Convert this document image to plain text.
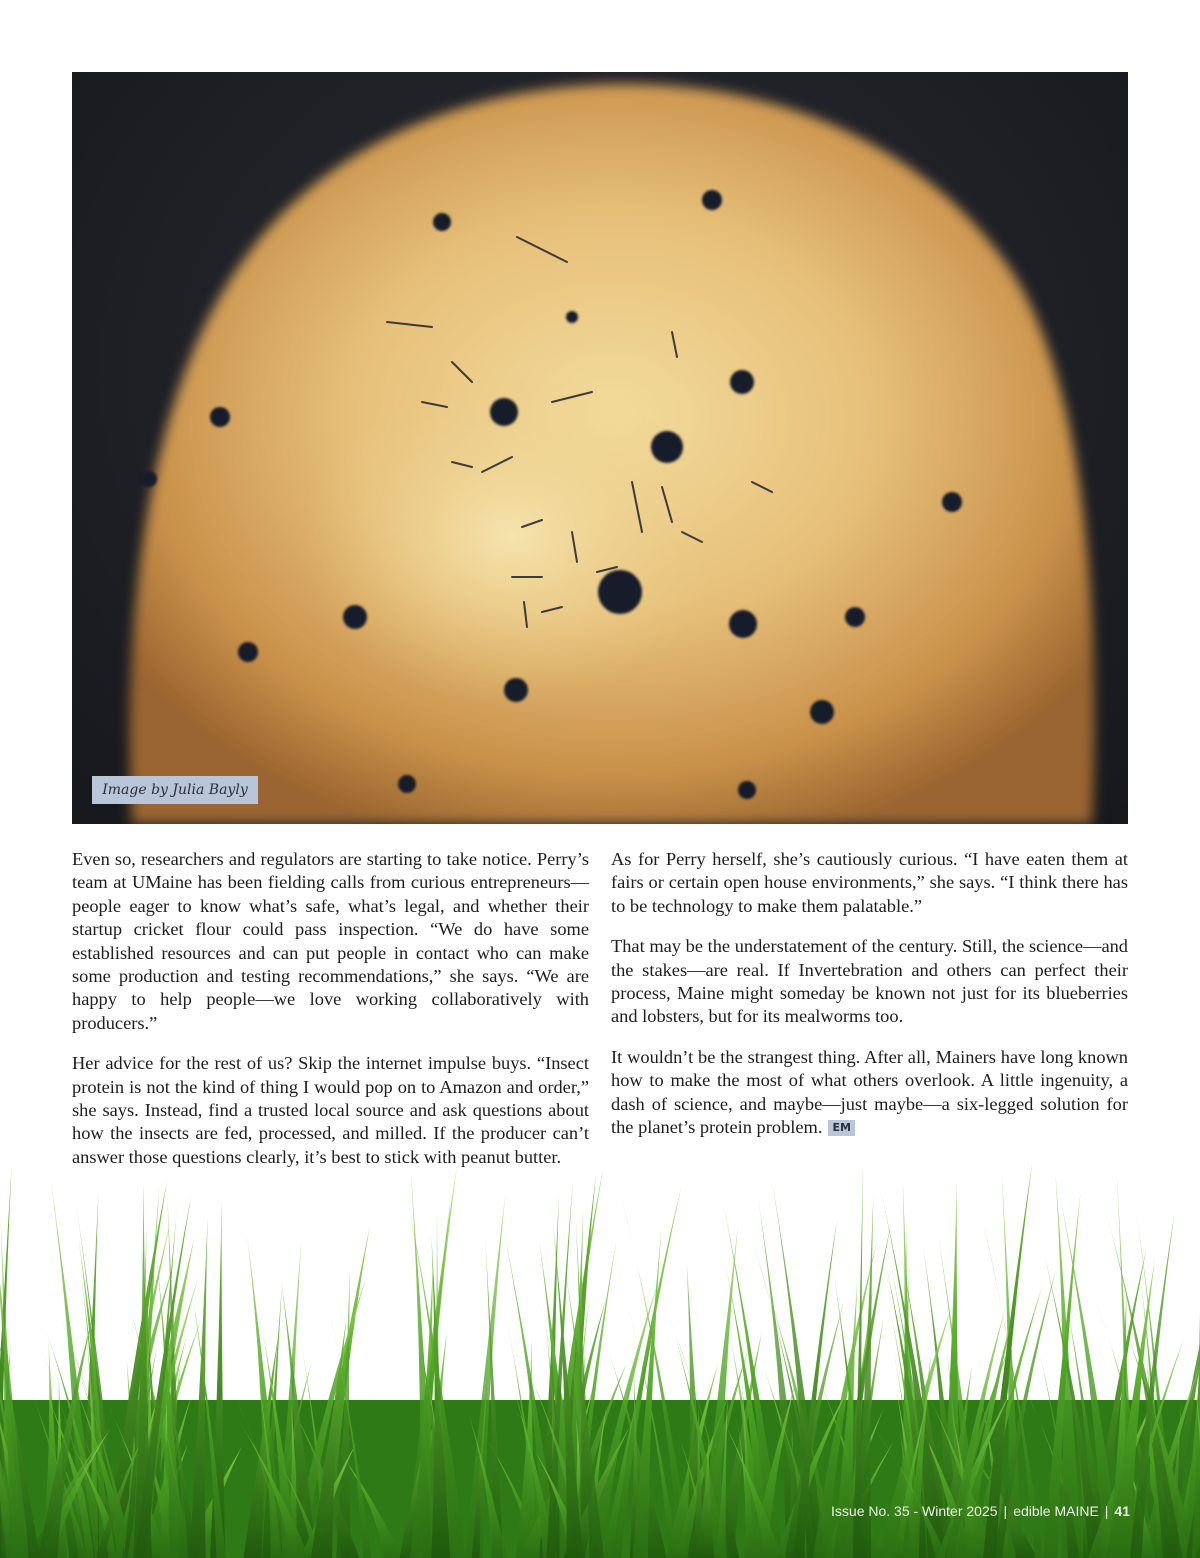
Image by Julia Bayly

Even so, researchers and regulators are starting to take notice. Perry’s team at UMaine has been fielding calls from curious entrepreneurs—people eager to know what’s safe, what’s legal, and whether their startup cricket flour could pass inspection. “We do have some established resources and can put people in contact who can make some production and testing recommendations,” she says. “We are happy to help people—we love working collaboratively with producers.”

Her advice for the rest of us? Skip the internet impulse buys. “Insect protein is not the kind of thing I would pop on to Amazon and order,” she says. Instead, find a trusted local source and ask questions about how the insects are fed, processed, and milled. If the producer can’t answer those questions clearly, it’s best to stick with peanut butter.

As for Perry herself, she’s cautiously curious. “I have eaten them at fairs or certain open house environments,” she says. “I think there has to be technology to make them palatable.”

That may be the understatement of the century. Still, the science—and the stakes—are real. If Invertebration and others can perfect their process, Maine might someday be known not just for its blueberries and lobsters, but for its mealworms too.

It wouldn’t be the strangest thing. After all, Mainers have long known how to make the most of what others overlook. A little ingenuity, a dash of science, and maybe—just maybe—a six-legged solution for the planet’s protein problem. EM

Issue No. 35 - Winter 2025 | edible MAINE | 41
